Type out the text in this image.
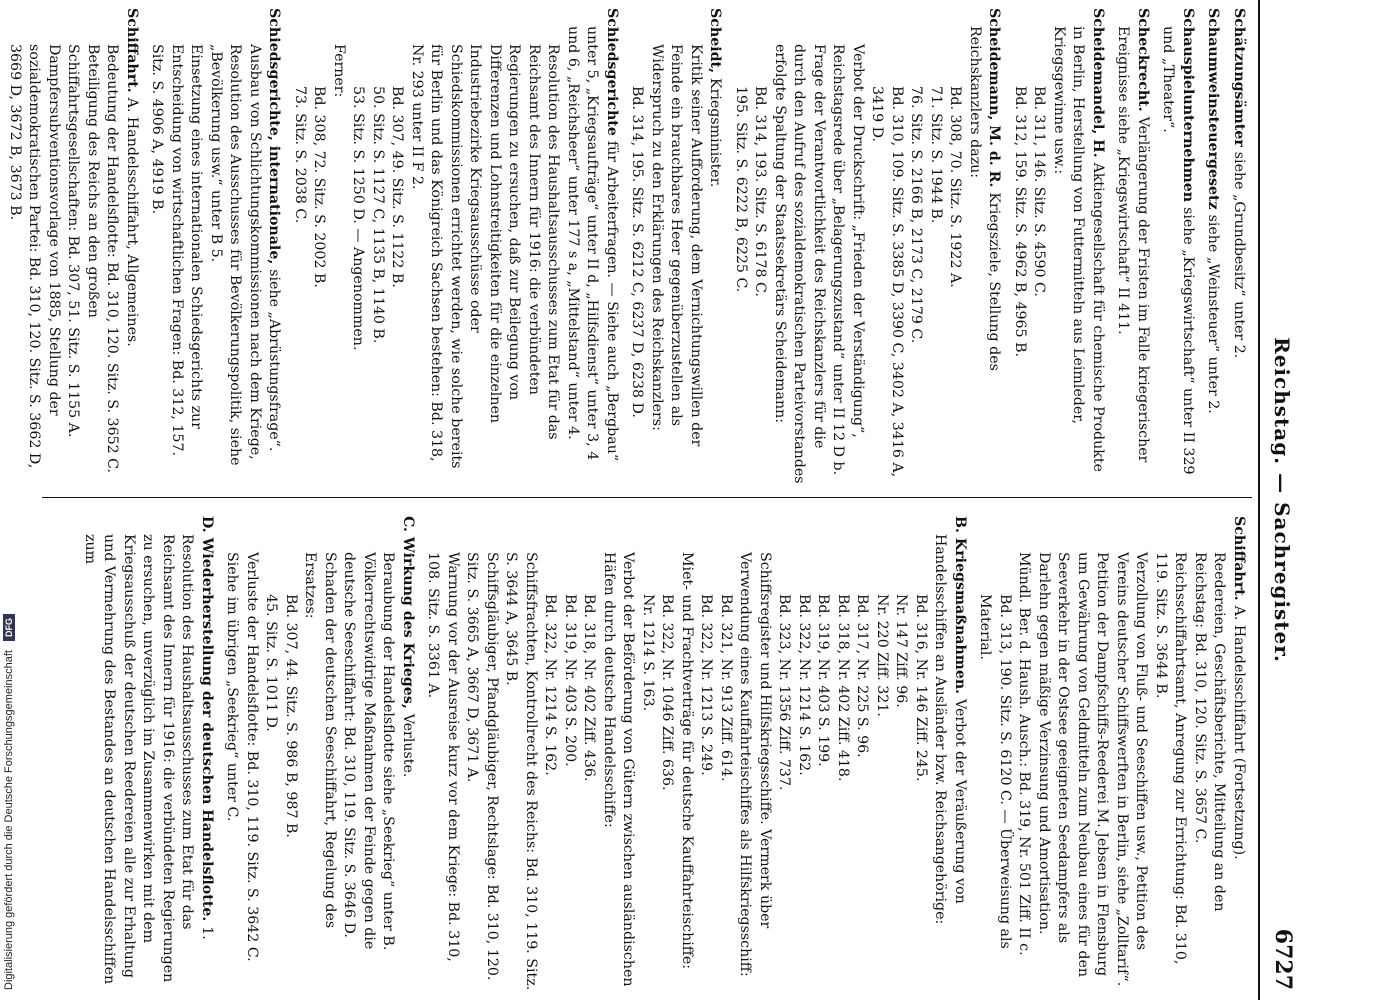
Digitalisierung gefördert durch die Deutsche Forschungsgemeinschaft DFG	Reichstag. — Sachregister.
6727
Schätzungsämter siehe „Grundbesitz“ unter 2.
Schaumweinsteuergesetz siehe „Weinsteuer“ unter 2.
Schauspielunternehmen siehe „Kriegswirtschaft“ unter II 329 und „Theater“.
Scheckrecht. Verlängerung der Fristen im Falle kriegerischer Ereignisse siehe „Kriegswirtschaft“ II 411.
Scheidemandel, H. Aktiengesellschaft für chemische Produkte in Berlin, Herstellung von Futtermitteln aus Leimleder, Kriegsgewinne usw.:
Bd. 311, 146. Sitz. S. 4590 C.
Bd. 312, 159. Sitz. S. 4962 B, 4965 B.
Scheidemann, M. d. R. Kriegsziele, Stellung des Reichskanzlers dazu:
Bd. 308, 70. Sitz. S. 1922 A.
71. Sitz. S. 1944 B.
76. Sitz. S. 2166 B, 2173 C, 2179 C.
Bd. 310, 109. Sitz. S. 3385 D, 3390 C, 3402 A, 3416 A, 3419 D.
Verbot der Druckschrift: „Frieden der Verständigung“, Reichstagsrede über „Belagerungszustand“ unter II 12 D b.
Frage der Verantwortlichkeit des Reichskanzlers für die durch den Aufruf des sozialdemokratischen Parteivorstandes erfolgte Spaltung der Staatssekretärs Scheidemann:
Bd. 314, 193. Sitz. S. 6178 C.
195. Sitz. S. 6222 B, 6225 C.
Scheidt, Kriegsminister.
Kritik seiner Aufforderung, dem Vernichtungswillen der Feinde ein brauchbares Heer gegenüberzustellen als Widerspruch zu den Erklärungen des Reichskanzlers:
Bd. 314, 195. Sitz. S. 6212 C, 6237 D, 6238 D.
Schiedsgerichte für Arbeiterfragen. — Siehe auch „Bergbau“ unter 5, „Kriegsaufträge“ unter II d, „Hilfsdienst“ unter 3, 4 und 6, „Reichsheer“ unter 177 s a, „Mittelstand“ unter 4.
Resolution des Haushaltsausschusses zum Etat für das Reichsamt des Innern für 1916: die verbündeten Regierungen zu ersuchen, daß zur Beilegung von Differenzen und Lohnstreitigkeiten für die einzelnen Industriebezirke Kriegsausschüsse oder Schiedskommissionen errichtet werden, wie solche bereits für Berlin und das Königreich Sachsen bestehen: Bd. 318, Nr. 293 unter II F 2.
Bd. 307, 49. Sitz. S. 1122 B.
50. Sitz. S. 1127 C, 1135 B, 1140 B.
53. Sitz. S. 1250 D. — Angenommen.
Ferner:
Bd. 308, 72. Sitz. S. 2002 B.
73. Sitz. S. 2038 C.
Schiedsgerichte, internationale, siehe „Abrüstungsfrage“.
Ausbau von Schlichtungskommissionen nach dem Kriege, Resolution des Ausschusses für Bevölkerungspolitik, siehe „Bevölkerung usw.“ unter B 5.
Einsetzung eines internationalen Schiedsgerichts zur Entscheidung von wirtschaftlichen Fragen: Bd. 312, 157. Sitz. S. 4906 A, 4919 B.
Schiffahrt. A. Handelsschiffahrt, Allgemeines.
Bedeutung der Handelsflotte: Bd. 310, 120. Sitz. S. 3652 C.
Beteiligung des Reichs an den großen Schiffahrtsgesellschaften: Bd. 307, 51. Sitz. S. 1155 A.
Dampfersubventionsvorlage von 1885, Stellung der sozialdemokratischen Partei: Bd. 310, 120. Sitz. S. 3662 D, 3669 D, 3672 B, 3673 B.
Schiffahrt. A. Handelsschiffahrt (Fortsetzung).
Reedereien, Geschäftsberichte, Mitteilung an den Reichstag: Bd. 310, 120. Sitz. S. 3657 C.
Reichsschiffahrtsamt, Anregung zur Errichtung: Bd. 310, 119. Sitz. S. 3644 B.
Verzollung von Fluß- und Seeschiffen usw., Petition des Vereins deutscher Schiffswerften in Berlin, siehe „Zolltarif“.
Petition der Dampfschiffs-Reederei M. Jebsen in Flensburg um Gewährung von Geldmitteln zum Neubau eines für den Seeverkehr in der Ostsee geeigneten Seedampfers als Darlehn gegen mäßige Verzinsung und Amortisation.
Mündl. Ber. d. Haush. Ausch.: Bd. 319, Nr. 501 Ziff. II c.
Bd. 313, 190. Sitz. S. 6120 C. — Überweisung als Material.
B. Kriegsmaßnahmen. Verbot der Veräußerung von Handelsschiffen an Ausländer bzw. Reichsangehörige:
Bd. 316, Nr. 146 Ziff. 245.
Nr. 147 Ziff. 96.
Nr. 220 Ziff. 321.
Bd. 317, Nr. 225 S. 96.
Bd. 318, Nr. 402 Ziff. 418.
Bd. 319, Nr. 403 S. 199.
Bd. 322, Nr. 1214 S. 162.
Bd. 323, Nr. 1356 Ziff. 737.
Schiffsregister und Hilfskriegsschiffe. Vermerk über Verwendung eines Kauffahrteischiffes als Hilfskriegsschiff:
Bd. 321, Nr. 913 Ziff. 614.
Bd. 322, Nr. 1213 S. 249.
Miet- und Frachtverträge für deutsche Kauffahrteischiffe:
Bd. 322, Nr. 1046 Ziff. 636.
Nr. 1214 S. 163.
Verbot der Beförderung von Gütern zwischen ausländischen Häfen durch deutsche Handelsschiffe:
Bd. 318, Nr. 402 Ziff. 436.
Bd. 319, Nr. 403 S. 200.
Bd. 322, Nr. 1214 S. 162.
Schiffsfrachten, Kontrollrecht des Reichs: Bd. 310, 119. Sitz. S. 3644 A, 3645 B.
Schiffsgläubiger, Pfandgläubiger, Rechtslage: Bd. 310, 120. Sitz. S. 3665 A, 3667 D, 3671 A.
Warnung vor der Ausreise kurz vor dem Kriege: Bd. 310, 108. Sitz. S. 3361 A.
C. Wirkung des Krieges, Verluste.
Beraubung der Handelsflotte siehe „Seekrieg“ unter B.
Völkerrechtswidrige Maßnahmen der Feinde gegen die deutsche Seeschiffahrt: Bd. 310, 119. Sitz. S. 3646 D.
Schaden der deutschen Seeschiffahrt, Regelung des Ersatzes:
Bd. 307, 44. Sitz. S. 986 B, 987 B.
45. Sitz. S. 1011 D.
Verluste der Handelsflotte: Bd. 310, 119. Sitz. S. 3642 C.
Siehe im übrigen „Seekrieg“ unter C.
D. Wiederherstellung der deutschen Handelsflotte. 1. Resolution des Haushaltsausschusses zum Etat für das Reichsamt des Innern für 1916: die verbündeten Regierungen zu ersuchen, unverzüglich im Zusammenwirken mit dem Kriegsausschuß der deutschen Reedereien alle zur Erhaltung und Vermehrung des Bestandes an deutschen Handelsschiffen zum
